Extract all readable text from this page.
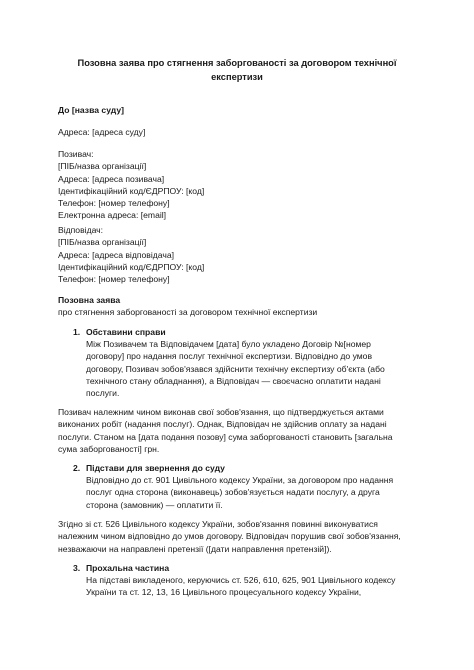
Позовна заява про стягнення заборгованості за договором технічної
експертизи
До [назва суду]
Адреса: [адреса суду]
Позивач:
[ПІБ/назва організації]
Адреса: [адреса позивача]
Ідентифікаційний код/ЄДРПОУ: [код]
Телефон: [номер телефону]
Електронна адреса: [email]
Відповідач:
[ПІБ/назва організації]
Адреса: [адреса відповідача]
Ідентифікаційний код/ЄДРПОУ: [код]
Телефон: [номер телефону]
Позовна заява
про стягнення заборгованості за договором технічної експертизи
1. Обставини справи
Між Позивачем та Відповідачем [дата] було укладено Договір №[номер
договору] про надання послуг технічної експертизи. Відповідно до умов
договору, Позивач зобов'язався здійснити технічну експертизу об'єкта (або
технічного стану обладнання), а Відповідач — своєчасно оплатити надані
послуги.
Позивач належним чином виконав свої зобов'язання, що підтверджується актами
виконаних робіт (надання послуг). Однак, Відповідач не здійснив оплату за надані
послуги. Станом на [дата подання позову] сума заборгованості становить [загальна
сума заборгованості] грн.
2. Підстави для звернення до суду
Відповідно до ст. 901 Цивільного кодексу України, за договором про надання
послуг одна сторона (виконавець) зобов'язується надати послугу, а друга
сторона (замовник) — оплатити її.
Згідно зі ст. 526 Цивільного кодексу України, зобов'язання повинні виконуватися
належним чином відповідно до умов договору. Відповідач порушив свої зобов'язання,
незважаючи на направлені претензії ([дати направлення претензій]).
3. Прохальна частина
На підставі викладеного, керуючись ст. 526, 610, 625, 901 Цивільного кодексу
України та ст. 12, 13, 16 Цивільного процесуального кодексу України,
